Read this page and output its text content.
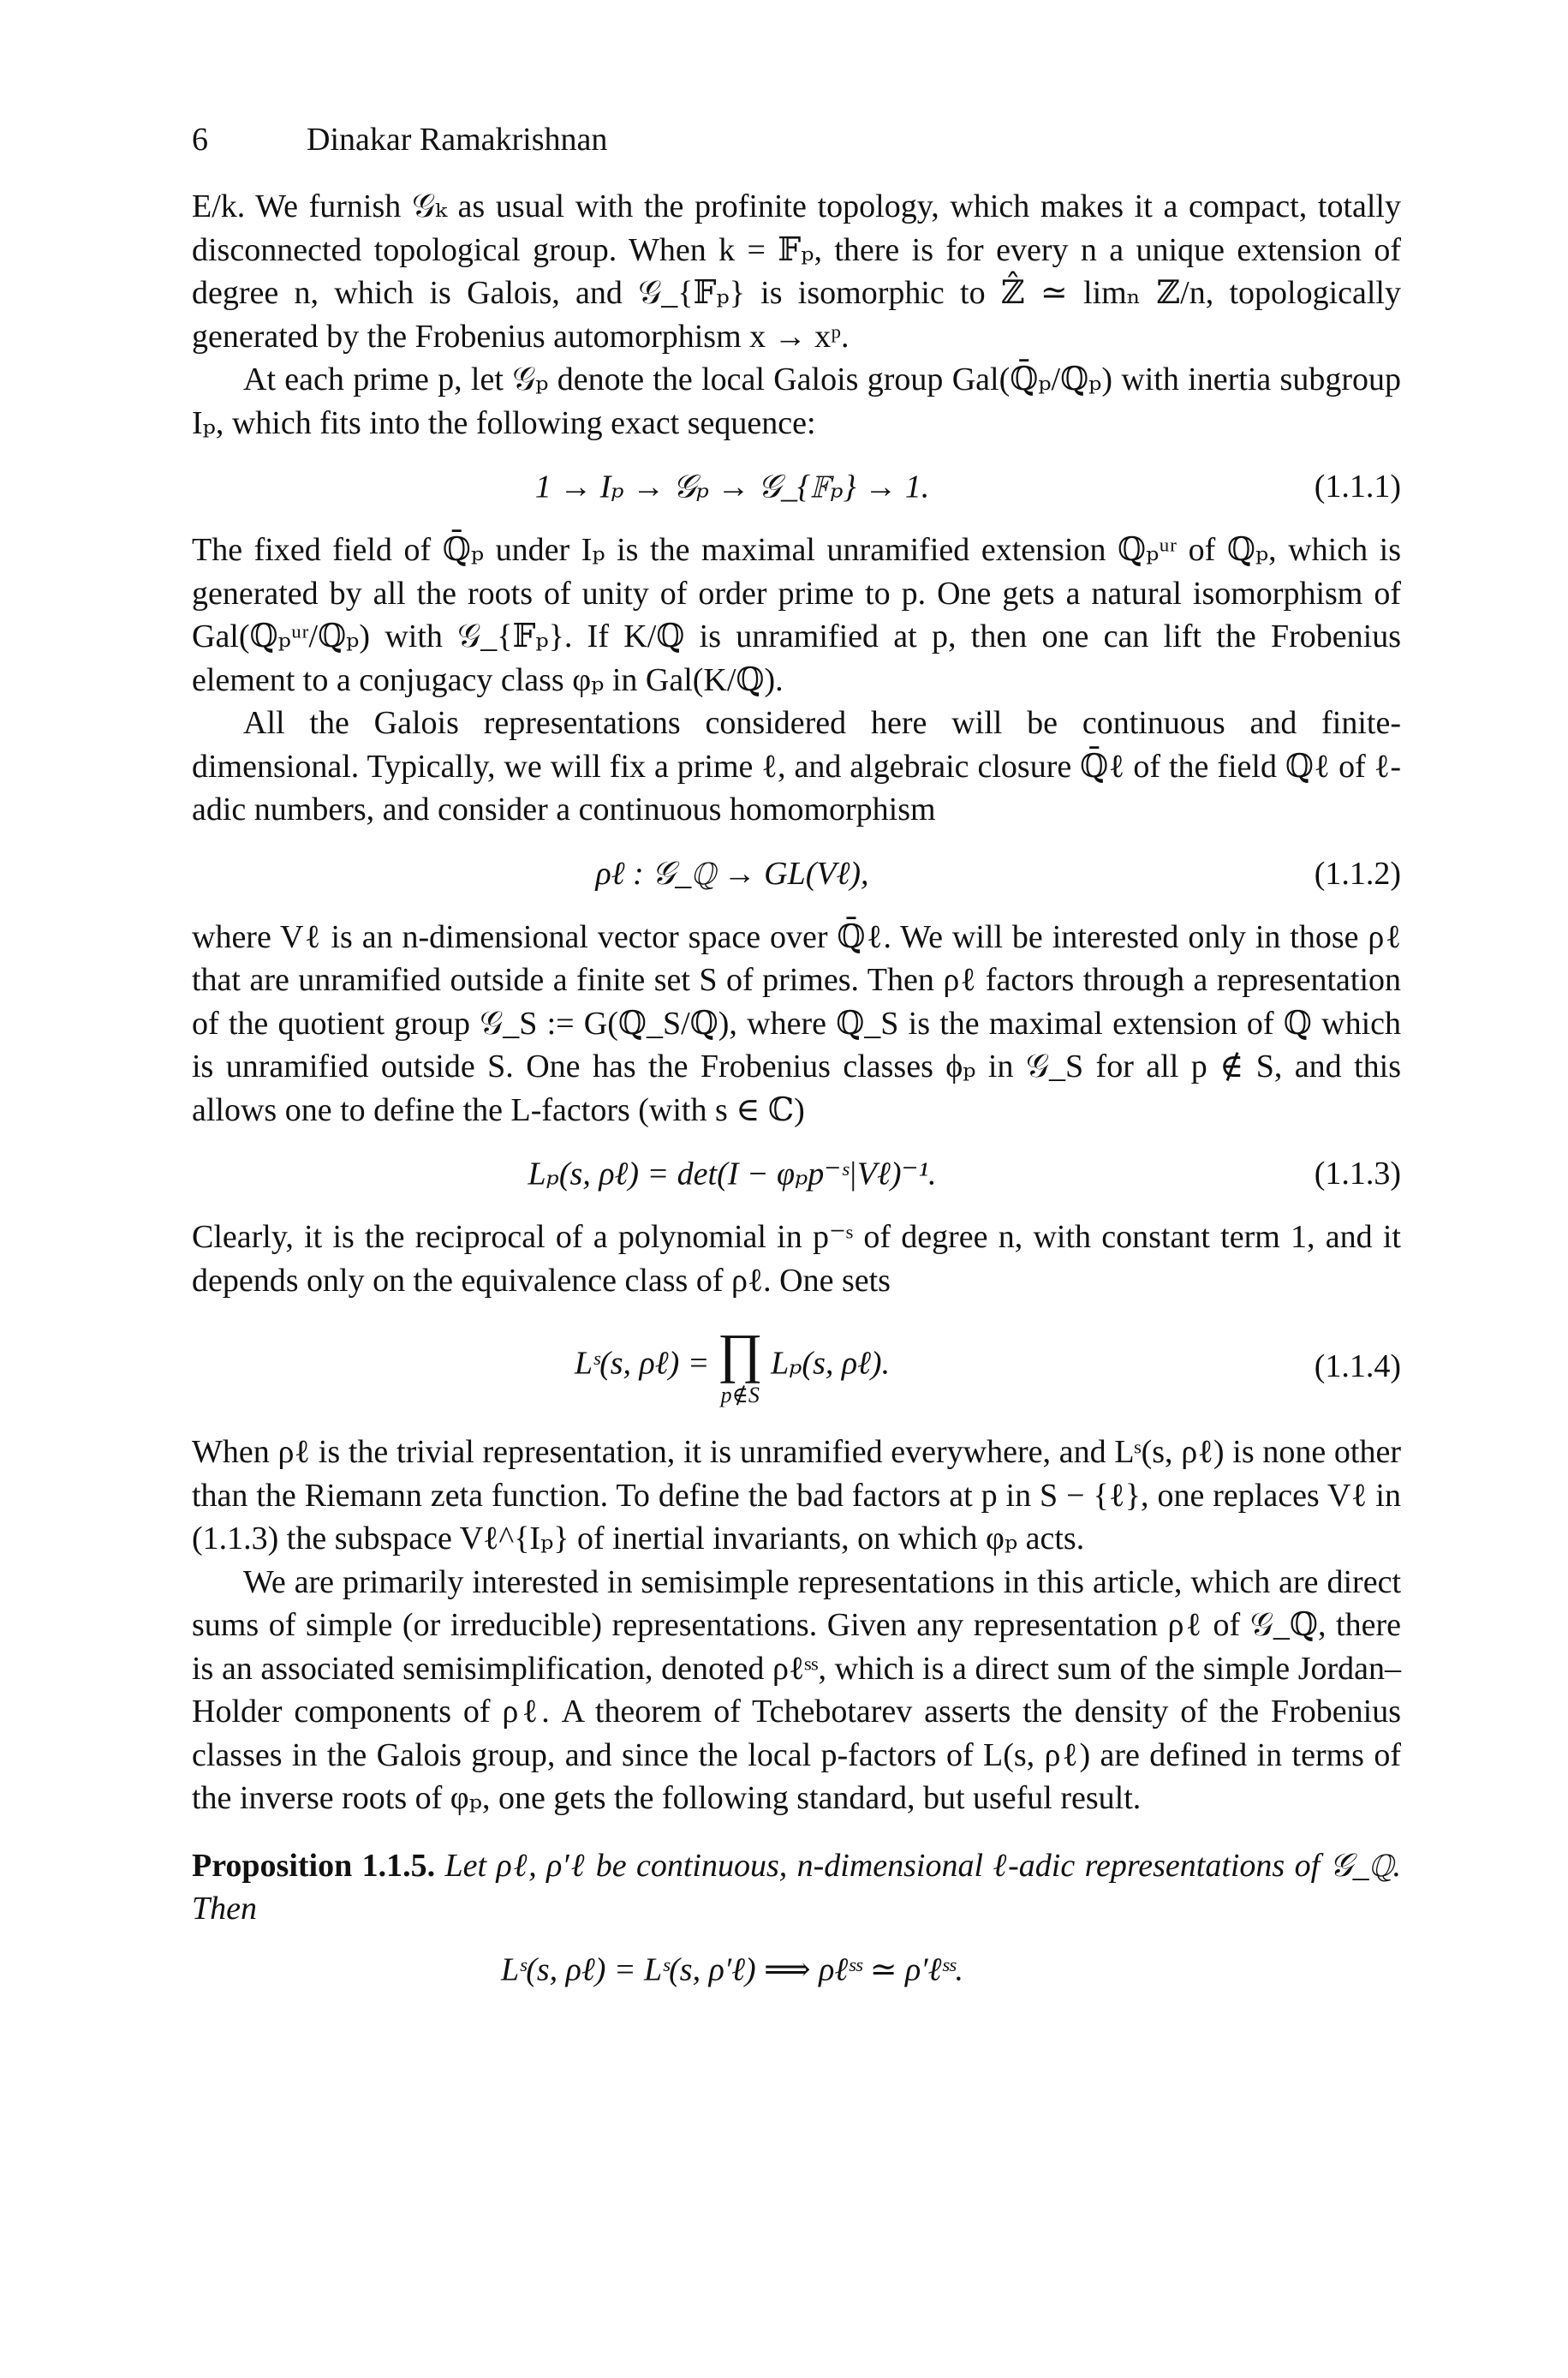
6	Dinakar Ramakrishnan

E/k. We furnish 𝒢ₖ as usual with the profinite topology, which makes it a compact, totally disconnected topological group. When k = 𝔽ₚ, there is for every n a unique extension of degree n, which is Galois, and 𝒢_{𝔽ₚ} is isomorphic to ℤ̂ ≃ limₙ ℤ/n, topologically generated by the Frobenius automorphism x → xᵖ.

At each prime p, let 𝒢ₚ denote the local Galois group Gal(ℚ̄ₚ/ℚₚ) with inertia subgroup Iₚ, which fits into the following exact sequence:

1 → Iₚ → 𝒢ₚ → 𝒢_{𝔽ₚ} → 1.	(1.1.1)

The fixed field of ℚ̄ₚ under Iₚ is the maximal unramified extension ℚₚᵘʳ of ℚₚ, which is generated by all the roots of unity of order prime to p. One gets a natural isomorphism of Gal(ℚₚᵘʳ/ℚₚ) with 𝒢_{𝔽ₚ}. If K/ℚ is unramified at p, then one can lift the Frobenius element to a conjugacy class φₚ in Gal(K/ℚ).

All the Galois representations considered here will be continuous and finite-dimensional. Typically, we will fix a prime ℓ, and algebraic closure ℚ̄ℓ of the field ℚℓ of ℓ-adic numbers, and consider a continuous homomorphism

ρℓ : 𝒢_ℚ → GL(Vℓ),	(1.1.2)

where Vℓ is an n-dimensional vector space over ℚ̄ℓ. We will be interested only in those ρℓ that are unramified outside a finite set S of primes. Then ρℓ factors through a representation of the quotient group 𝒢_S := G(ℚ_S/ℚ), where ℚ_S is the maximal extension of ℚ which is unramified outside S. One has the Frobenius classes ϕₚ in 𝒢_S for all p ∉ S, and this allows one to define the L-factors (with s ∈ ℂ)

Lₚ(s, ρℓ) = det(I − φₚp⁻ˢ|Vℓ)⁻¹.	(1.1.3)

Clearly, it is the reciprocal of a polynomial in p⁻ˢ of degree n, with constant term 1, and it depends only on the equivalence class of ρℓ. One sets

Lˢ(s, ρℓ) = ∏
p∉S
Lₚ(s, ρℓ).	(1.1.4)

When ρℓ is the trivial representation, it is unramified everywhere, and Lˢ(s, ρℓ) is none other than the Riemann zeta function. To define the bad factors at p in S − {ℓ}, one replaces Vℓ in (1.1.3) the subspace Vℓ^{Iₚ} of inertial invariants, on which φₚ acts.

We are primarily interested in semisimple representations in this article, which are direct sums of simple (or irreducible) representations. Given any representation ρℓ of 𝒢_ℚ, there is an associated semisimplification, denoted ρℓˢˢ, which is a direct sum of the simple Jordan–Holder components of ρℓ. A theorem of Tchebotarev asserts the density of the Frobenius classes in the Galois group, and since the local p-factors of L(s, ρℓ) are defined in terms of the inverse roots of φₚ, one gets the following standard, but useful result.

Proposition 1.1.5. Let ρℓ, ρ′ℓ be continuous, n-dimensional ℓ-adic representations of 𝒢_ℚ. Then

Lˢ(s, ρℓ) = Lˢ(s, ρ′ℓ) ⟹ ρℓˢˢ ≃ ρ′ℓˢˢ.
